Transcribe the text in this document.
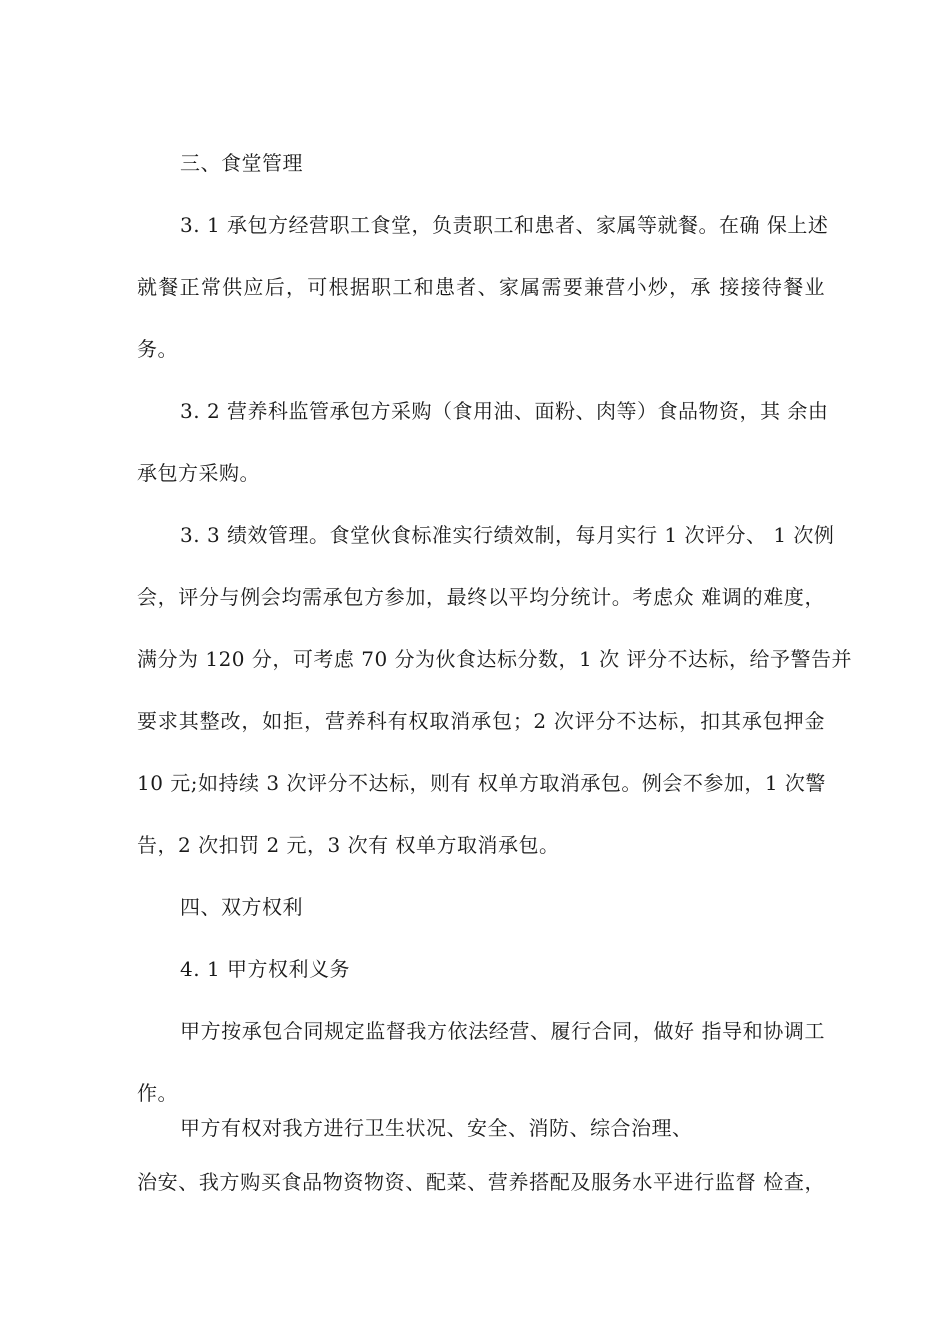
三、食堂管理

3. 1 承包方经营职工食堂，负责职工和患者、家属等就餐。在确 保上述

就餐正常供应后，可根据职工和患者、家属需要兼营小炒，承 接接待餐业

务。

3. 2 营养科监管承包方采购（食用油、面粉、肉等）食品物资，其 余由

承包方采购。

3. 3 绩效管理。食堂伙食标准实行绩效制，每月实行 1 次评分、 1 次例

会，评分与例会均需承包方参加，最终以平均分统计。考虑众 难调的难度，

满分为 120 分，可考虑 70 分为伙食达标分数，1 次 评分不达标，给予警告并

要求其整改，如拒，营养科有权取消承包；2 次评分不达标，扣其承包押金

10 元;如持续 3 次评分不达标，则有 权单方取消承包。例会不参加，1 次警

告，2 次扣罚 2 元，3 次有 权单方取消承包。

四、双方权利

4. 1 甲方权利义务

甲方按承包合同规定监督我方依法经营、履行合同，做好 指导和协调工

作。

甲方有权对我方进行卫生状况、安全、消防、综合治理、

治安、我方购买食品物资物资、配菜、营养搭配及服务水平进行监督 检查，
